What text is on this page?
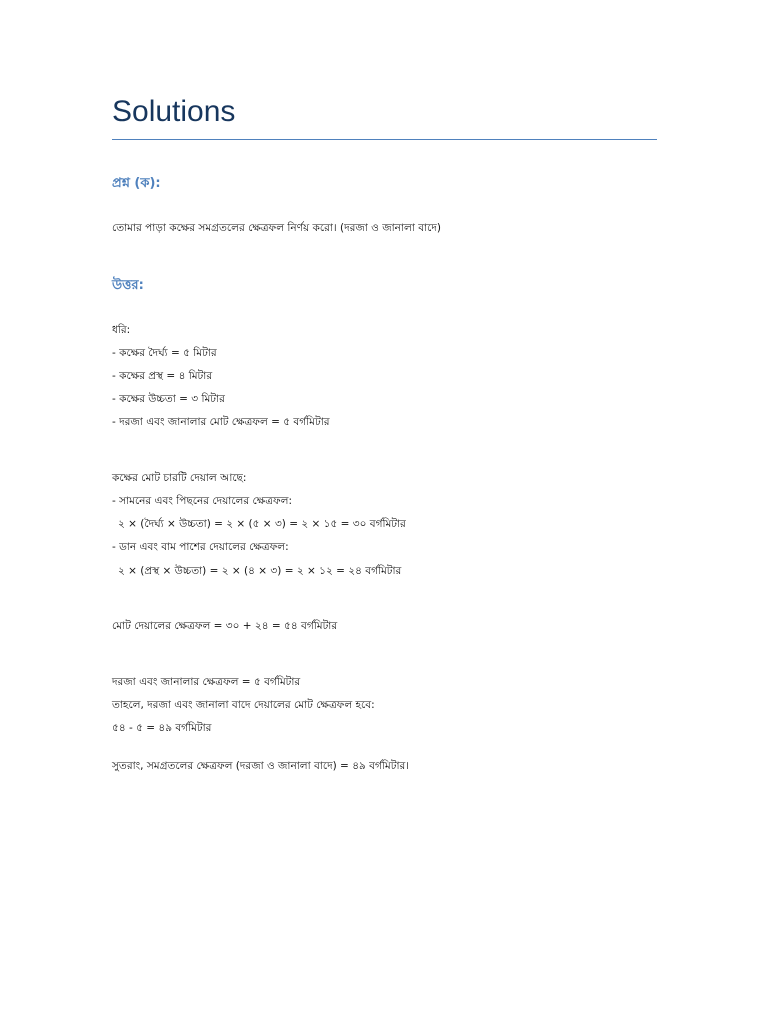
Solutions
প্রশ্ন (ক):
তোমার পাড়া কক্ষের সমগ্রতলের ক্ষেত্রফল নির্ণয় করো। (দরজা ও জানালা বাদে)
উত্তর:
ধরি:
- কক্ষের দৈর্ঘ্য = ৫ মিটার
- কক্ষের প্রস্থ = ৪ মিটার
- কক্ষের উচ্চতা = ৩ মিটার
- দরজা এবং জানালার মোট ক্ষেত্রফল = ৫ বর্গমিটার
কক্ষের মোট চারটি দেয়াল আছে:
- সামনের এবং পিছনের দেয়ালের ক্ষেত্রফল:
২ × (দৈর্ঘ্য × উচ্চতা) = ২ × (৫ × ৩) = ২ × ১৫ = ৩০ বর্গমিটার
- ডান এবং বাম পাশের দেয়ালের ক্ষেত্রফল:
২ × (প্রস্থ × উচ্চতা) = ২ × (৪ × ৩) = ২ × ১২ = ২৪ বর্গমিটার
মোট দেয়ালের ক্ষেত্রফল = ৩০ + ২৪ = ৫৪ বর্গমিটার
দরজা এবং জানালার ক্ষেত্রফল = ৫ বর্গমিটার
তাহলে, দরজা এবং জানালা বাদে দেয়ালের মোট ক্ষেত্রফল হবে:
৫৪ - ৫ = ৪৯ বর্গমিটার
সুতরাং, সমগ্রতলের ক্ষেত্রফল (দরজা ও জানালা বাদে) = ৪৯ বর্গমিটার।
